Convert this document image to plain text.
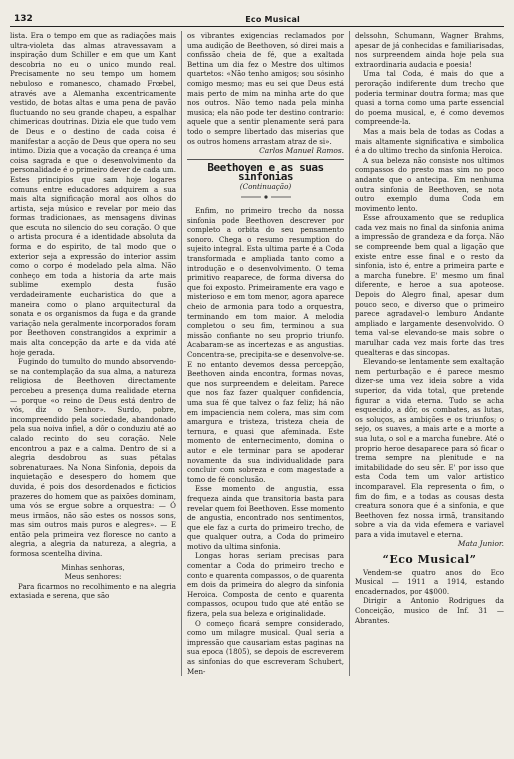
132	Eco Musical

lista. Era o tempo em que as radiações mais ultra-violeta das almas atravessavam a inspiração dum Schiller e em que um Kant descobria no eu o unico mundo real. Precisamente no seu tempo um homem nebuloso e romanesco, chamado Frœbel, através ave a Alemanha excentricamente vestido, de botas altas e uma pena de pavão fluctuando no seu grande chapeu, a espalhar chimericas doutrinas. Dizia ele que tudo vem de Deus e o destino de cada coisa é manifestar a acção de Deus que opera no seu intimo. Dizia que a vocação da creança é uma coisa sagrada e que o desenvolvimento da personalidade é o primeiro dever de cada um. Estes principios que sam hoje logares comuns entre educadores adquirem a sua mais alta significação moral aos olhos do artista, seja músico e revelar por meio das formas tradicionaes, as mensagens divinas que escuta no silencio do seu coração. O que o artista procura é a identidade absoluta da forma e do espirito, de tal modo que o exterior seja a expressão do interior assim como o corpo é modelado pela alma. Não conheço em toda a historia da arte mais sublime exemplo desta fusão verdadeiramente eucharistica do que a maneira como o plano arquitectural da sonata e os organismos da fuga e da grande variação nela geralmente incorporados foram por Beethoven constrangidos a exprimir a mais alta concepção da arte e da vida até hoje gerada.

Fugindo do tumulto do mundo absorvendo-se na contemplação da sua alma, a natureza religiosa de Beethoven directamente percebeu a presença duma realidade eterna — porque «o reino de Deus está dentro de vós, diz o Senhor». Surdo, pobre, incompreendido pela sociedade, abandonado pela sua noiva infiel, a dôr o conduziu até ao calado recinto do seu coração. Nele encontrou a paz e a calma. Dentro de si a alegria desdobrou as suas pétalas sobrenaturaes. Na Nona Sinfonia, depois da inquietação e desespero do homem que duvida, é pois dos desordenados e ficticios prazeres do homem que as paixões dominam, uma vós se ergue sobre a orquestra: — Ó meus irmãos, não são estes os nossos sons, mas sim outros mais puros e alegres». — E então pela primeira vez floresce no canto a alegria, a alegria da natureza, a alegria, a formosa scentelha divina.

Minhas senhoras,

Meus senhores:

Para ficarmos no recolhimento e na alegria extasiada e serena, que são

os vibrantes exigencias reclamados por uma audição de Beethoven, só direi mais a confissão cheia de fé, que a exaltada Bettina um dia fez o Mestre dos ultimos quartetos: «Não tenho amigos; sou sósinho comigo mesmo; mas eu sei que Deus está mais perto de mim na minha arte do que nos outros. Não temo nada pela minha musica; ela não pode ter destino contrario: aquele que a sentir plenamente será para todo o sempre libertado das miserias que os outros homens arrastam atraz de si».

Carlos Manuel Ramos.

Beethoven e as suas sinfonias
(Continuação)

Enfim, no primeiro trecho da nossa sinfonia pode Beethoven descrever por completo a orbita do seu pensamento sonoro. Chega o resumo resumption do sujeito integral. Esta ultima parte é a Coda transformada e ampliada tanto como a introdução e o desenvolvimento. O tema primitivo reaparece, de forma diversa do que foi exposto. Primeiramente era vago e misterioso e em tom menor, agora aparece cheio de armonia para todo a orquestra, terminando em tom maior. A melodia completou o seu fim, terminou a sua missão confiante no seu proprio triunfo. Acabaram-se as incertezas e as angustias. Concentra-se, precipita-se e desenvolve-se. E no entanto devemos dessa percepção, Beethoven ainda encontra, formas novas, que nos surpreendem e deleitam. Parece que nos faz fazer qualquer confidencia, uma sua fé que talvez o faz feliz; há não em impaciencia nem colera, mas sim com amargura e tristeza, tristeza cheia de ternura, e quasi que afeminada. Este momento de enternecimento, domina o autor e ele terminar para se apoderar novamente da sua individualidade para concluir com sobreza e com magestade a tomo de fé conclusão.

Esse momento de angustia, essa frequeza ainda que transitoria basta para revelar quem foi Beethoven. Esse momento de angustia, encontrado nos sentimentos, que ele faz a curta do primeiro trecho, de que qualquer outra, a Coda do primeiro motivo da ultima sinfonia.

Longas horas seriam precisas para comentar a Coda do primeiro trecho e conto e quarenta compassos, o de quarenta em dois da primeira do alegro da sinfonia Heroica. Composta de cento e quarenta compassos, ocupou tudo que até então se fizera, pela sua beleza e originalidade.

O começo ficará sempre considerado, como um milagre musical. Qual seria a impressão que causariam estas paginas na sua epoca (1805), se depois de escreverem as sinfonias do que escreveram Schubert, Men-

delssohn, Schumann, Wagner Brahms, apesar de já conhecidas e familiarisadas, nos surpreendem ainda hoje pela sua extraordinaria audacia e poesia!

Uma tal Coda, é mais do que a peroração indiferente dum trecho que poderia terminar doutra forma; mas que quasi a torna como uma parte essencial do poema musical, e, é como devemos compreende-la.

Mas a mais bela de todas as Codas a mais altamente significativa e simbolica é a do ultimo trecho da sinfonia Heroica.

A sua beleza não consiste nos ultimos compassos do presto mas sim no poco andante que o antecipa. Em nenhuma outra sinfonia de Beethoven, se nota outro exemplo duma Coda em movimento lento.

Esse afrouxamento que se reduplica cada vez mais no final da sinfonia anima a impressão de grandeza e da força. Não se compreende bem qual a ligação que existe entre esse final e o resto da sinfonia, isto é, entre a primeira parte e a marcha funebre. E' mesmo um final diferente, e heroe a sua apoteose. Depois do Alegro final, apesar dum pouco seco, e diverso que o primeiro parece agradavel-o lemburo Andante ampliado e largamente desenvolvido. O tema val-se elevando-se mais sobre o marulhar cada vez mais forte das tres quealteras e das sincopas.

Elevando-se lentamente sem exaltação nem perturbação e é parece mesmo dizer-se uma vez ideia sobre a vida superior, da vida total, que pretende figurar a vida eterna. Tudo se acha esquecido, a dôr, os combates, as lutas, os soluços, as ambições e os triunfos; o sejo, os suaves, a mais arte e a morte a sua luta, o sol e a marcha funebre. Até o proprio heroe desaparece para só ficar o trema sempre na plenitude e na imitabilidade do seu sêr. E' por isso que esta Coda tem um valor artistico incomparavel. Ela representa o fim, o fim do fim, e a todas as cousas desta creatura sonora que é a sinfonia, e que Beethoven fez nossa irmã, transitando sobre a via da vida efemera e variavel para a vida imutavel e eterna.

Mata Junior.

“Eco Musical”

Vendem-se quatro anos do Eco Musical — 1911 a 1914, estando encadernados, por 4$000.

Dirigir a Antonio Rodrigues da Conceição, musico de Inf. 31 — Abrantes.
